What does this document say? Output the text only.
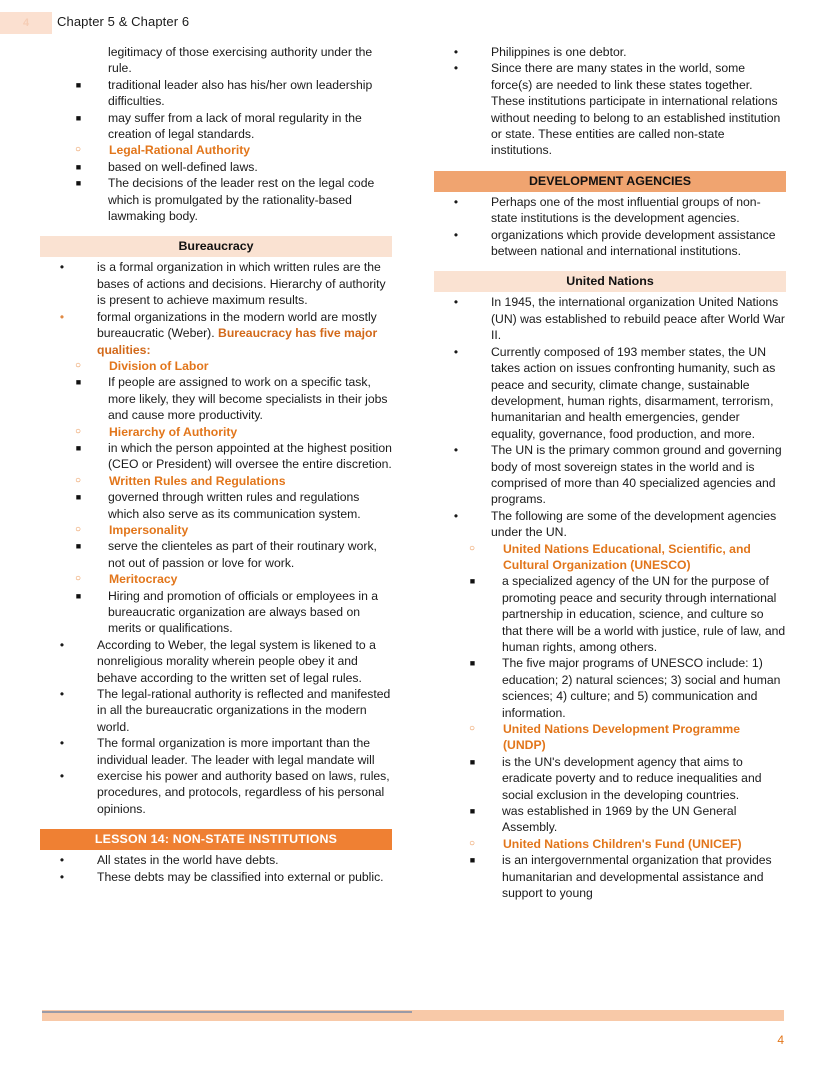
4	Chapter 5 & Chapter 6
legitimacy of those exercising authority under the rule.
■ traditional leader also has his/her own leadership difficulties.
■ may suffer from a lack of moral regularity in the creation of legal standards.
○ Legal-Rational Authority
■ based on well-defined laws.
■ The decisions of the leader rest on the legal code which is promulgated by the rationality-based lawmaking body.
Bureaucracy
•	is a formal organization in which written rules are the bases of actions and decisions. Hierarchy of authority is present to achieve maximum results.
•	formal organizations in the modern world are mostly bureaucratic (Weber). Bureaucracy has five major qualities:
○ Division of Labor
■ If people are assigned to work on a specific task, more likely, they will become specialists in their jobs and cause more productivity.
○ Hierarchy of Authority
■ in which the person appointed at the highest position (CEO or President) will oversee the entire discretion.
○ Written Rules and Regulations
■ governed through written rules and regulations which also serve as its communication system.
○ Impersonality
■ serve the clienteles as part of their routinary work, not out of passion or love for work.
○ Meritocracy
■ Hiring and promotion of officials or employees in a bureaucratic organization are always based on merits or qualifications.
•	According to Weber, the legal system is likened to a nonreligious morality wherein people obey it and behave according to the written set of legal rules.
•	The legal-rational authority is reflected and manifested in all the bureaucratic organizations in the modern world.
•	The formal organization is more important than the individual leader. The leader with legal mandate will
•	exercise his power and authority based on laws, rules, procedures, and protocols, regardless of his personal opinions.
LESSON 14: NON-STATE INSTITUTIONS
•	All states in the world have debts.
•	These debts may be classified into external or public.
•	Philippines is one debtor.
•	Since there are many states in the world, some force(s) are needed to link these states together. These institutions participate in international relations without needing to belong to an established institution or state. These entities are called non-state institutions.
DEVELOPMENT AGENCIES
•	Perhaps one of the most influential groups of non-state institutions is the development agencies.
•	organizations which provide development assistance between national and international institutions.
United Nations
•	In 1945, the international organization United Nations (UN) was established to rebuild peace after World War II.
•	Currently composed of 193 member states, the UN takes action on issues confronting humanity, such as peace and security, climate change, sustainable development, human rights, disarmament, terrorism, humanitarian and health emergencies, gender equality, governance, food production, and more.
•	The UN is the primary common ground and governing body of most sovereign states in the world and is comprised of more than 40 specialized agencies and programs.
•	The following are some of the development agencies under the UN.
○ United Nations Educational, Scientific, and Cultural Organization (UNESCO)
■ a specialized agency of the UN for the purpose of promoting peace and security through international partnership in education, science, and culture so that there will be a world with justice, rule of law, and human rights, among others.
■ The five major programs of UNESCO include: 1) education; 2) natural sciences; 3) social and human sciences; 4) culture; and 5) communication and information.
○ United Nations Development Programme (UNDP)
■ is the UN's development agency that aims to eradicate poverty and to reduce inequalities and social exclusion in the developing countries.
■ was established in 1969 by the UN General Assembly.
○ United Nations Children's Fund (UNICEF)
■ is an intergovernmental organization that provides humanitarian and developmental assistance and support to young
4
